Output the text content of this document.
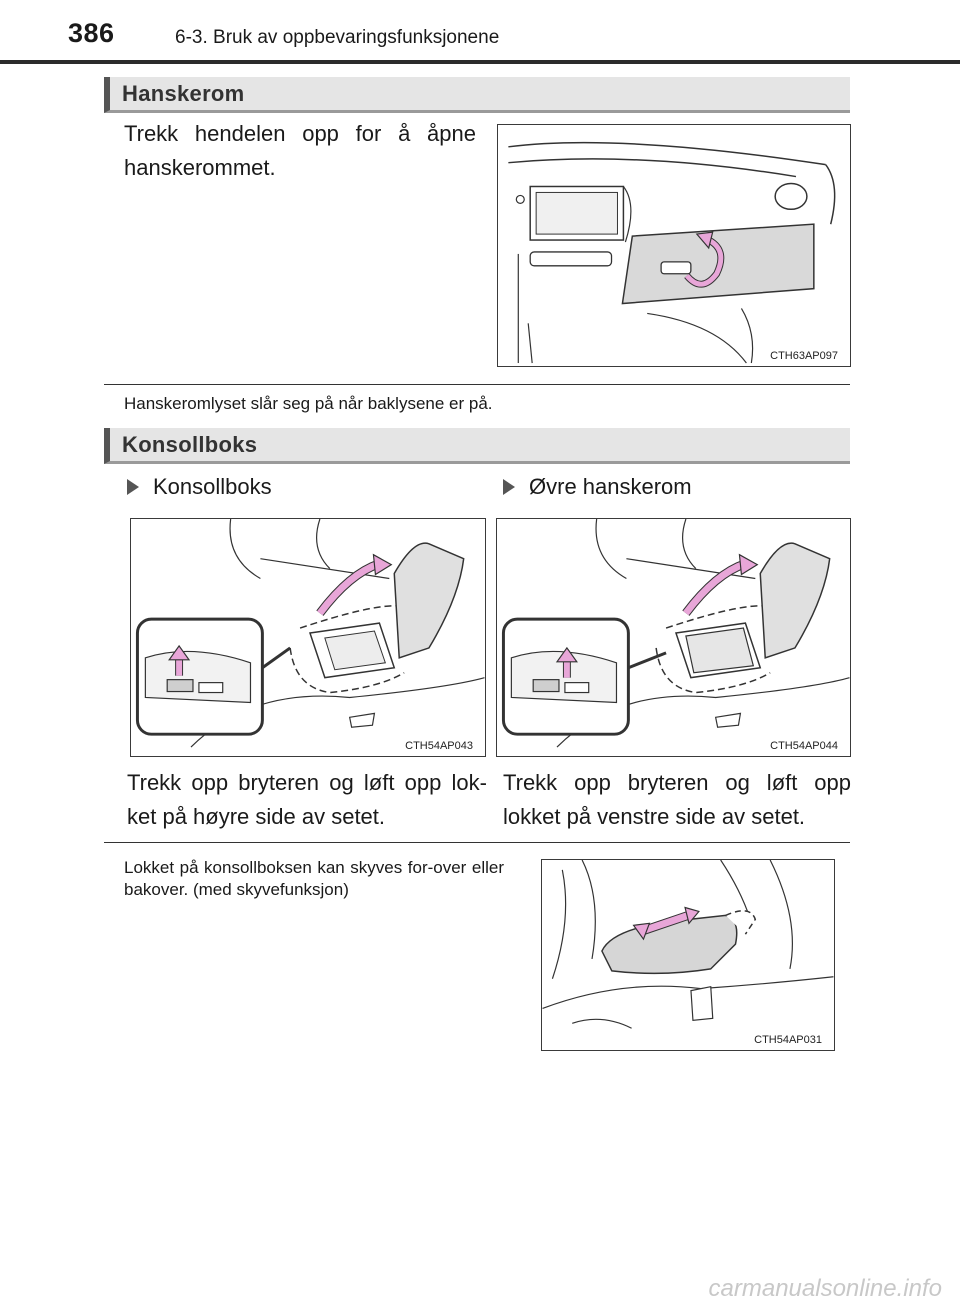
386	6-3. Bruk av oppbevaringsfunksjonene
Hanskerom
Trekk hendelen opp for å åpne hanskerommet.
CTH63AP097
Hanskeromlyset slår seg på når baklysene er på.
Konsollboks
Konsollboks	Øvre hanskerom
CTH54AP043	CTH54AP044
Trekk opp bryteren og løft opp lok-ket på høyre side av setet.
Trekk opp bryteren og løft opp lokket på venstre side av setet.
Lokket på konsollboksen kan skyves for-over eller bakover. (med skyvefunksjon)
CTH54AP031
carmanualsonline.info
